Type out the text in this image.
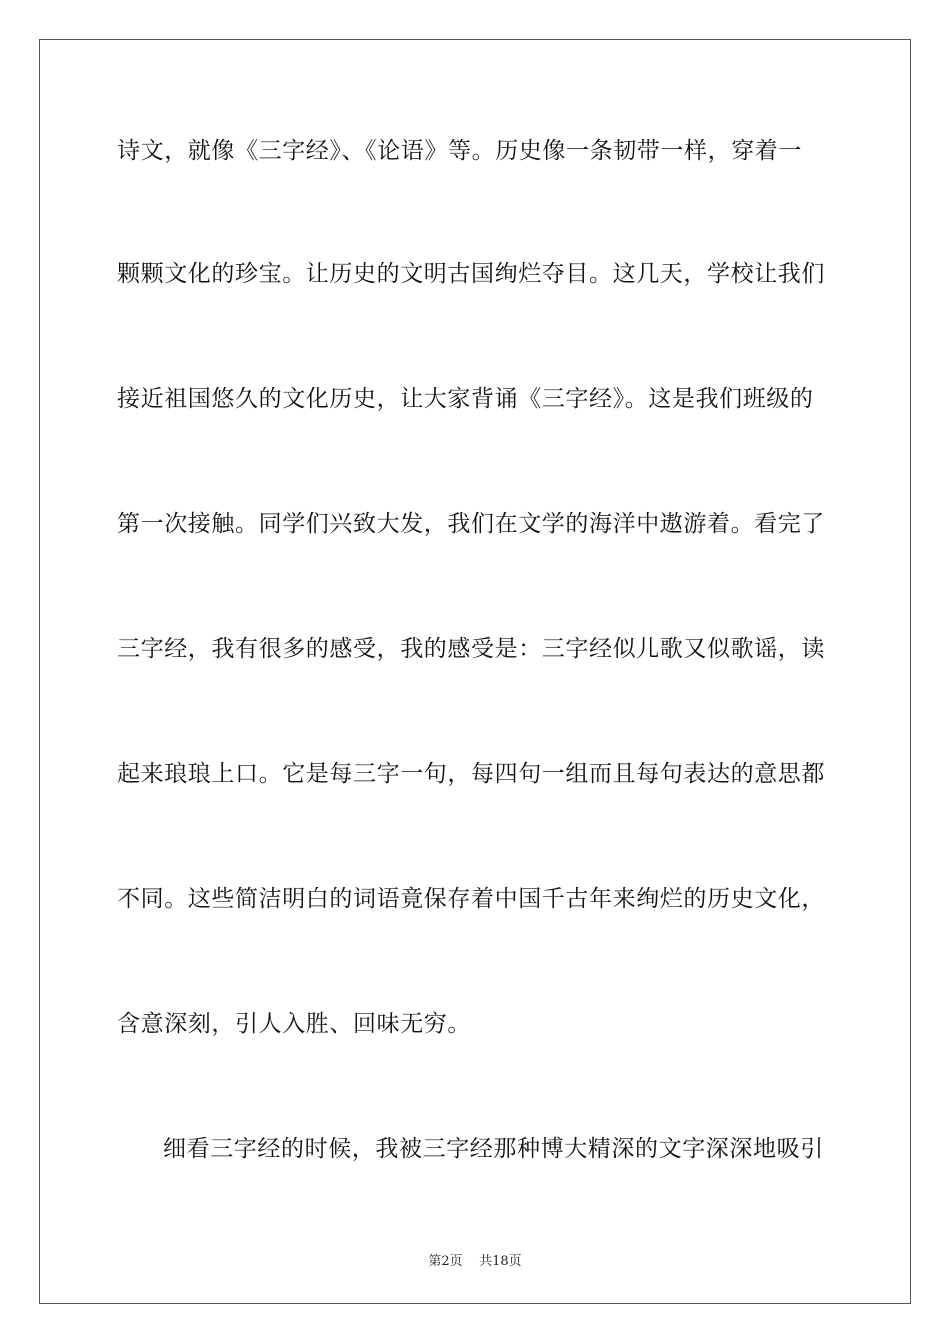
诗文，就像《三字经》、《论语》等。历史像一条韧带一样，穿着一
颗颗文化的珍宝。让历史的文明古国绚烂夺目。这几天，学校让我们
接近祖国悠久的文化历史，让大家背诵《三字经》。这是我们班级的
第一次接触。同学们兴致大发，我们在文学的海洋中遨游着。看完了
三字经，我有很多的感受，我的感受是：三字经似儿歌又似歌谣，读
起来琅琅上口。它是每三字一句，每四句一组而且每句表达的意思都
不同。这些简洁明白的词语竟保存着中国千古年来绚烂的历史文化，
含意深刻，引人入胜、回味无穷。
细看三字经的时候，我被三字经那种博大精深的文字深深地吸引
第2页 共18页
